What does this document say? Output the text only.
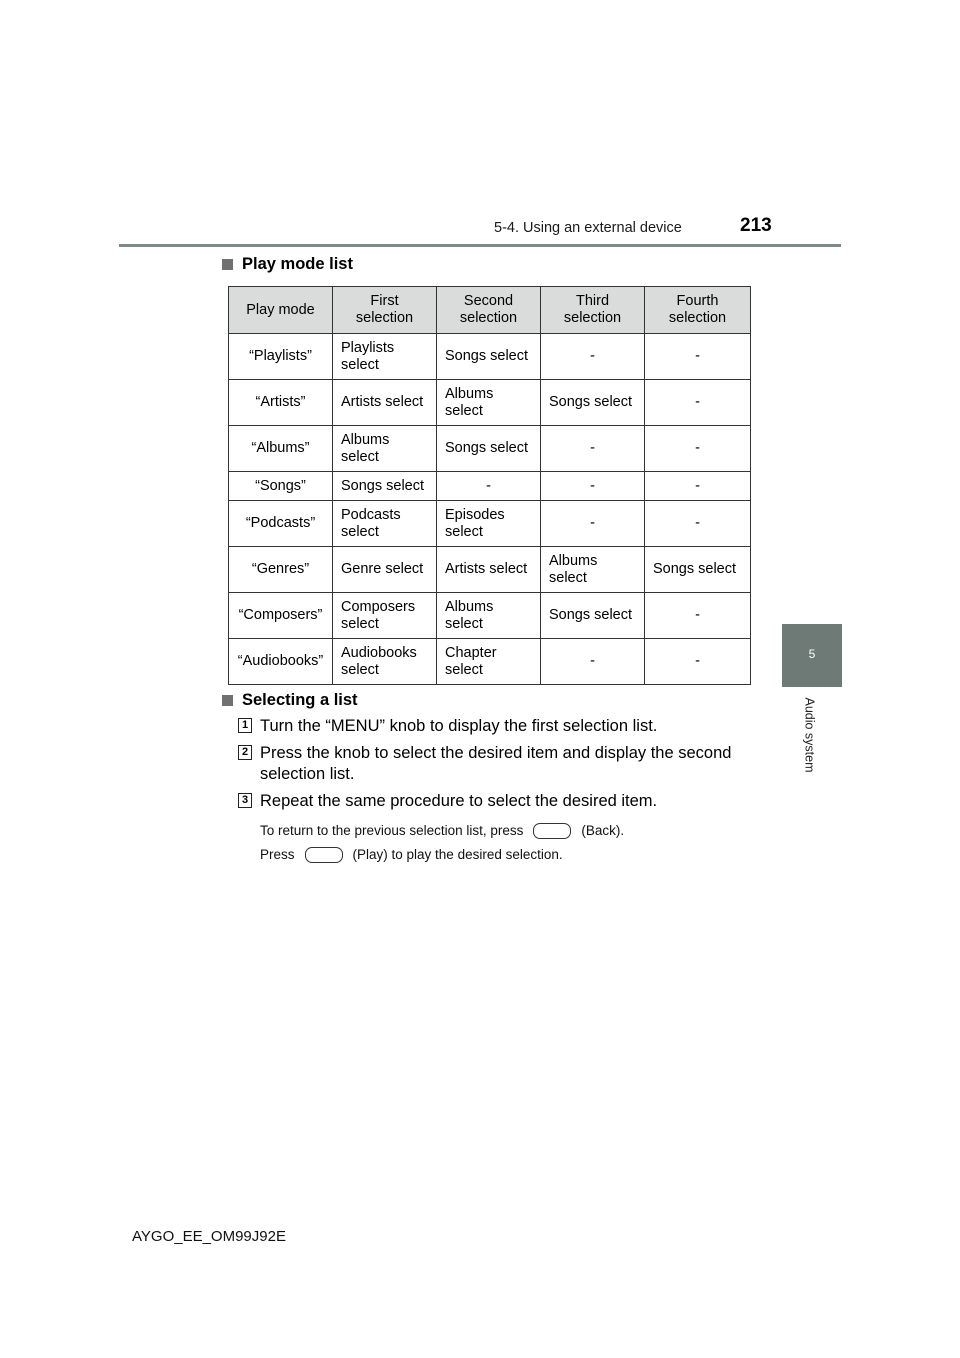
5-4. Using an external device	213
5
Audio system
Play mode list
Play mode	First selection	Second selection	Third selection	Fourth selection
“Playlists”	Playlists select	Songs select	-	-
“Artists”	Artists select	Albums select	Songs select	-
“Albums”	Albums select	Songs select	-	-
“Songs”	Songs select	-	-	-
“Podcasts”	Podcasts select	Episodes select	-	-
“Genres”	Genre select	Artists select	Albums select	Songs select
“Composers”	Composers select	Albums select	Songs select	-
“Audiobooks”	Audiobooks select	Chapter select	-	-
Selecting a list
1 Turn the “MENU” knob to display the first selection list.
2 Press the knob to select the desired item and display the second selection list.
3 Repeat the same procedure to select the desired item.
To return to the previous selection list, press	(Back).
Press	(Play) to play the desired selection.
AYGO_EE_OM99J92E
